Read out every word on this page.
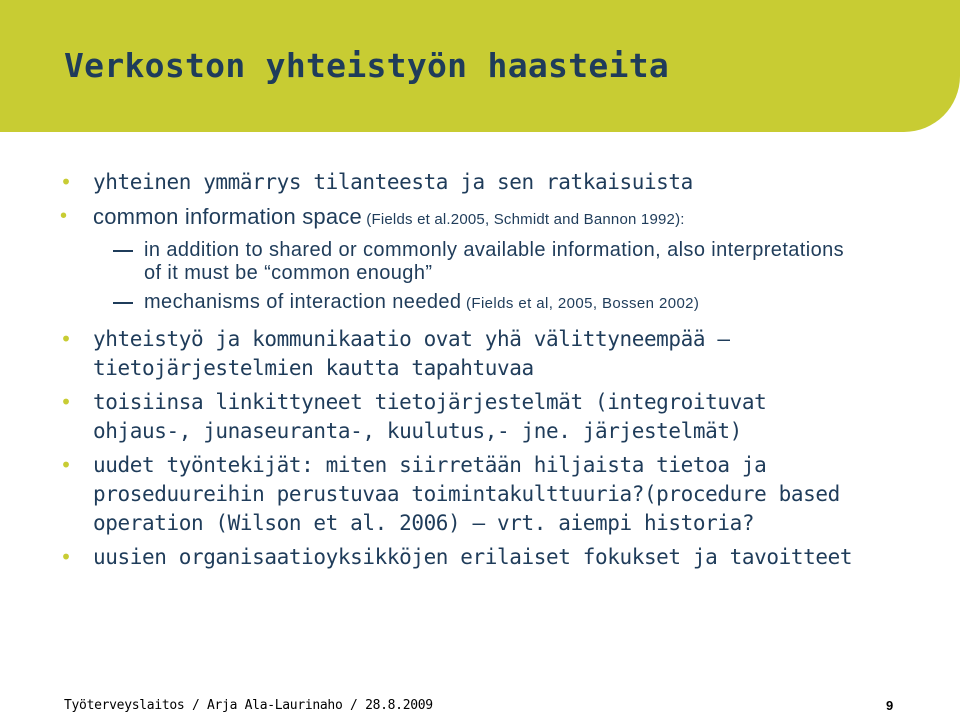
Verkoston yhteistyön haasteita
• yhteinen ymmärrys tilanteesta ja sen ratkaisuista
• common information space (Fields et al.2005, Schmidt and Bannon 1992):
in addition to shared or commonly available information, also interpretations of it must be “common enough”
mechanisms of interaction needed (Fields et al, 2005, Bossen 2002)
• yhteistyö ja kommunikaatio ovat yhä välittyneempää – tietojärjestelmien kautta tapahtuvaa
• toisiinsa linkittyneet tietojärjestelmät (integroituvat ohjaus-, junaseuranta-, kuulutus,- jne. järjestelmät)
• uudet työntekijät: miten siirretään hiljaista tietoa ja proseduureihin perustuvaa toimintakulttuuria?(procedure based operation (Wilson et al. 2006) – vrt. aiempi historia?
• uusien organisaatioyksikköjen erilaiset fokukset ja tavoitteet
Työterveyslaitos / Arja Ala-Laurinaho / 28.8.2009	9
